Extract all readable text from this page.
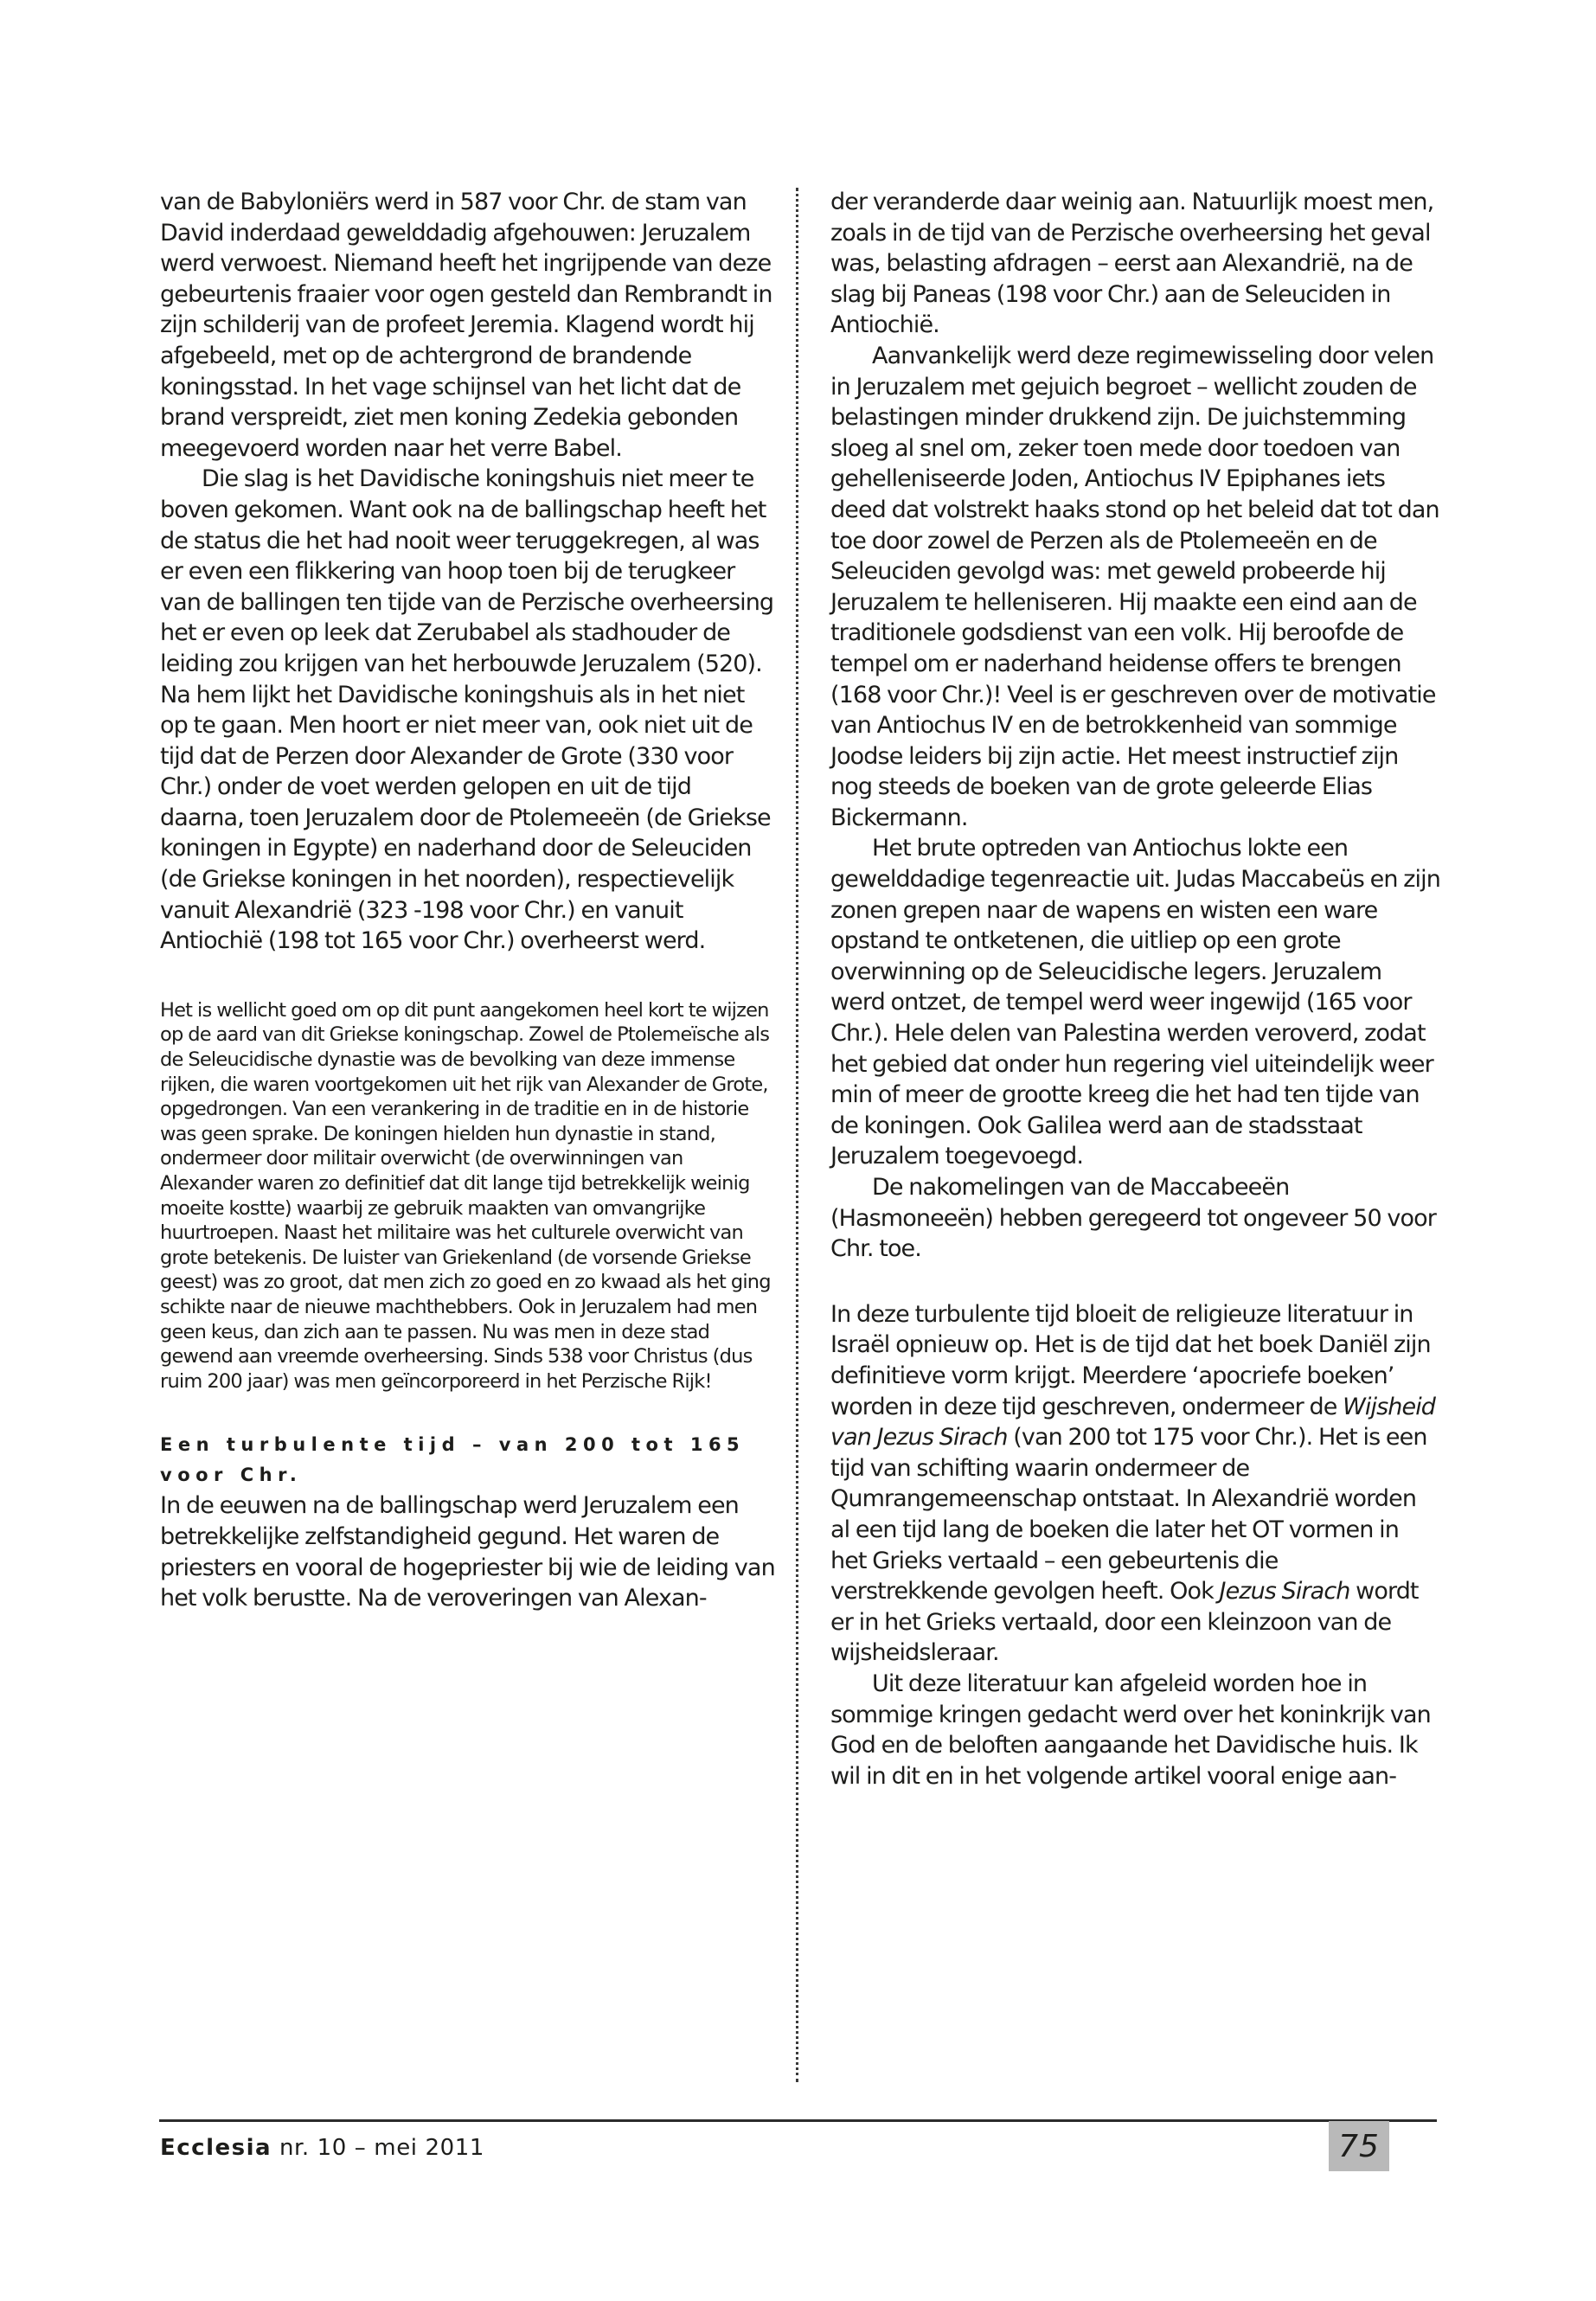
van de Babyloniërs werd in 587 voor Chr. de stam van David inderdaad gewelddadig afgehouwen: Jeruzalem werd verwoest. Niemand heeft het ingrijpende van deze gebeurtenis fraaier voor ogen gesteld dan Rembrandt in zijn schilderij van de profeet Jeremia. Klagend wordt hij afgebeeld, met op de achtergrond de brandende koningsstad. In het vage schijnsel van het licht dat de brand verspreidt, ziet men koning Zedekia gebonden meegevoerd worden naar het verre Babel.

Die slag is het Davidische koningshuis niet meer te boven gekomen. Want ook na de ballingschap heeft het de status die het had nooit weer teruggekregen, al was er even een flikkering van hoop toen bij de terugkeer van de ballingen ten tijde van de Perzische overheersing het er even op leek dat Zerubabel als stadhouder de leiding zou krijgen van het herbouwde Jeruzalem (520). Na hem lijkt het Davidische koningshuis als in het niet op te gaan. Men hoort er niet meer van, ook niet uit de tijd dat de Perzen door Alexander de Grote (330 voor Chr.) onder de voet werden gelopen en uit de tijd daarna, toen Jeruzalem door de Ptolemeeën (de Griekse koningen in Egypte) en naderhand door de Seleuciden (de Griekse koningen in het noorden), respectievelijk vanuit Alexandrië (323 -198 voor Chr.) en vanuit Antiochië (198 tot 165 voor Chr.) overheerst werd.

Het is wellicht goed om op dit punt aangekomen heel kort te wijzen op de aard van dit Griekse koningschap. Zowel de Ptolemeïsche als de Seleucidische dynastie was de bevolking van deze immense rijken, die waren voortgekomen uit het rijk van Alexander de Grote, opgedrongen. Van een verankering in de traditie en in de historie was geen sprake. De koningen hielden hun dynastie in stand, ondermeer door militair overwicht (de overwinningen van Alexander waren zo definitief dat dit lange tijd betrekkelijk weinig moeite kostte) waarbij ze gebruik maakten van omvangrijke huurtroepen. Naast het militaire was het culturele overwicht van grote betekenis. De luister van Griekenland (de vorsende Griekse geest) was zo groot, dat men zich zo goed en zo kwaad als het ging schikte naar de nieuwe machthebbers. Ook in Jeruzalem had men geen keus, dan zich aan te passen. Nu was men in deze stad gewend aan vreemde overheersing. Sinds 538 voor Christus (dus ruim 200 jaar) was men geïncorporeerd in het Perzische Rijk!

Een turbulente tijd – van 200 tot 165 voor Chr.

In de eeuwen na de ballingschap werd Jeruzalem een betrekkelijke zelfstandigheid gegund. Het waren de priesters en vooral de hogepriester bij wie de leiding van het volk berustte. Na de veroveringen van Alexan-

der veranderde daar weinig aan. Natuurlijk moest men, zoals in de tijd van de Perzische overheersing het geval was, belasting afdragen – eerst aan Alexandrië, na de slag bij Paneas (198 voor Chr.) aan de Seleuciden in Antiochië.

Aanvankelijk werd deze regimewisseling door velen in Jeruzalem met gejuich begroet – wellicht zouden de belastingen minder drukkend zijn. De juichstemming sloeg al snel om, zeker toen mede door toedoen van gehelleniseerde Joden, Antiochus IV Epiphanes iets deed dat volstrekt haaks stond op het beleid dat tot dan toe door zowel de Perzen als de Ptolemeeën en de Seleuciden gevolgd was: met geweld probeerde hij Jeruzalem te helleniseren. Hij maakte een eind aan de traditionele godsdienst van een volk. Hij beroofde de tempel om er naderhand heidense offers te brengen (168 voor Chr.)! Veel is er geschreven over de motivatie van Antiochus IV en de betrokkenheid van sommige Joodse leiders bij zijn actie. Het meest instructief zijn nog steeds de boeken van de grote geleerde Elias Bickermann.

Het brute optreden van Antiochus lokte een gewelddadige tegenreactie uit. Judas Maccabeüs en zijn zonen grepen naar de wapens en wisten een ware opstand te ontketenen, die uitliep op een grote overwinning op de Seleucidische legers. Jeruzalem werd ontzet, de tempel werd weer ingewijd (165 voor Chr.). Hele delen van Palestina werden veroverd, zodat het gebied dat onder hun regering viel uiteindelijk weer min of meer de grootte kreeg die het had ten tijde van de koningen. Ook Galilea werd aan de stadsstaat Jeruzalem toegevoegd.

De nakomelingen van de Maccabeeën (Hasmoneeën) hebben geregeerd tot ongeveer 50 voor Chr. toe.

In deze turbulente tijd bloeit de religieuze literatuur in Israël opnieuw op. Het is de tijd dat het boek Daniël zijn definitieve vorm krijgt. Meerdere ‘apocriefe boeken’ worden in deze tijd geschreven, ondermeer de Wijsheid van Jezus Sirach (van 200 tot 175 voor Chr.). Het is een tijd van schifting waarin ondermeer de Qumrangemeenschap ontstaat. In Alexandrië worden al een tijd lang de boeken die later het OT vormen in het Grieks vertaald – een gebeurtenis die verstrekkende gevolgen heeft. Ook Jezus Sirach wordt er in het Grieks vertaald, door een kleinzoon van de wijsheidsleraar.

Uit deze literatuur kan afgeleid worden hoe in sommige kringen gedacht werd over het koninkrijk van God en de beloften aangaande het Davidische huis. Ik wil in dit en in het volgende artikel vooral enige aan-

Ecclesia nr. 10 – mei 2011	75
